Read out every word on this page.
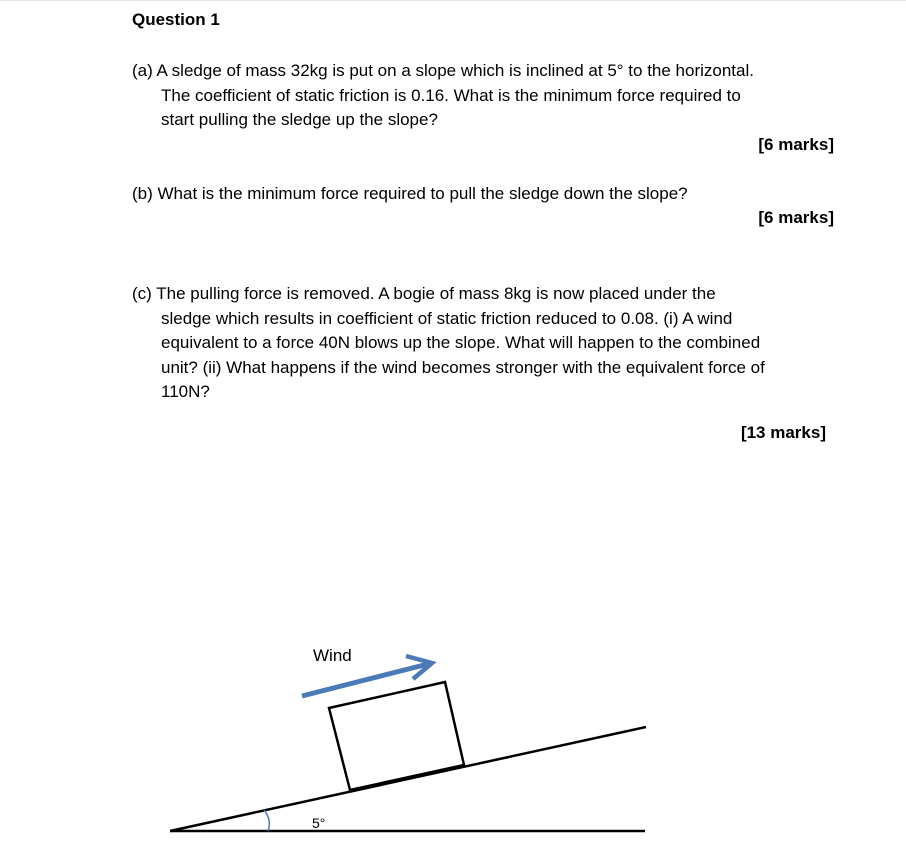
Question 1
(a) A sledge of mass 32kg is put on a slope which is inclined at 5° to the horizontal.
The coefficient of static friction is 0.16. What is the minimum force required to
start pulling the sledge up the slope?
[6 marks]
(b) What is the minimum force required to pull the sledge down the slope?
[6 marks]
(c) The pulling force is removed. A bogie of mass 8kg is now placed under the
sledge which results in coefficient of static friction reduced to 0.08. (i) A wind
equivalent to a force 40N blows up the slope. What will happen to the combined
unit? (ii) What happens if the wind becomes stronger with the equivalent force of
110N?
[13 marks]
Wind
5°
